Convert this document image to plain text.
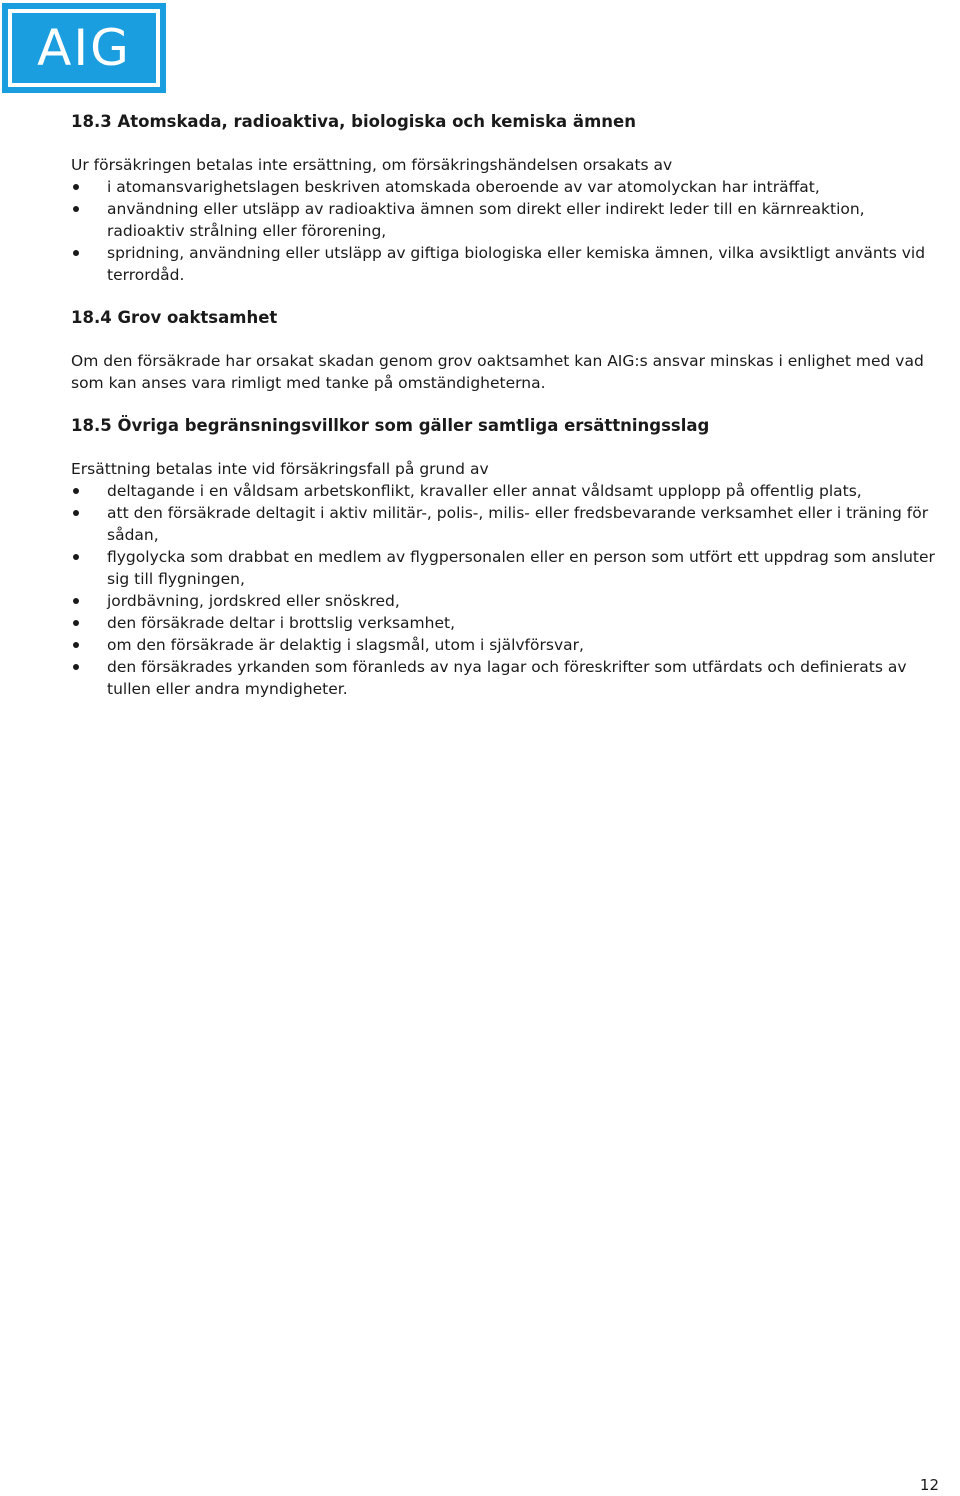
AIG
18.3 Atomskada, radioaktiva, biologiska och kemiska ämnen

Ur försäkringen betalas inte ersättning, om försäkringshändelsen orsakats av

i atomansvarighetslagen beskriven atomskada oberoende av var atomolyckan har inträffat,
användning eller utsläpp av radioaktiva ämnen som direkt eller indirekt leder till en kärnreaktion, radioaktiv strålning eller förorening,
spridning, användning eller utsläpp av giftiga biologiska eller kemiska ämnen, vilka avsiktligt använts vid terrordåd.
18.4 Grov oaktsamhet

Om den försäkrade har orsakat skadan genom grov oaktsamhet kan AIG:s ansvar minskas i enlighet med vad som kan anses vara rimligt med tanke på omständigheterna.

18.5 Övriga begränsningsvillkor som gäller samtliga ersättningsslag

Ersättning betalas inte vid försäkringsfall på grund av

deltagande i en våldsam arbetskonflikt, kravaller eller annat våldsamt upplopp på offentlig plats,
att den försäkrade deltagit i aktiv militär-, polis-, milis- eller fredsbevarande verksamhet eller i träning för sådan,
flygolycka som drabbat en medlem av flygpersonalen eller en person som utfört ett uppdrag som ansluter sig till flygningen,
jordbävning, jordskred eller snöskred,
den försäkrade deltar i brottslig verksamhet,
om den försäkrade är delaktig i slagsmål, utom i självförsvar,
den försäkrades yrkanden som föranleds av nya lagar och föreskrifter som utfärdats och definierats av tullen eller andra myndigheter.
12
